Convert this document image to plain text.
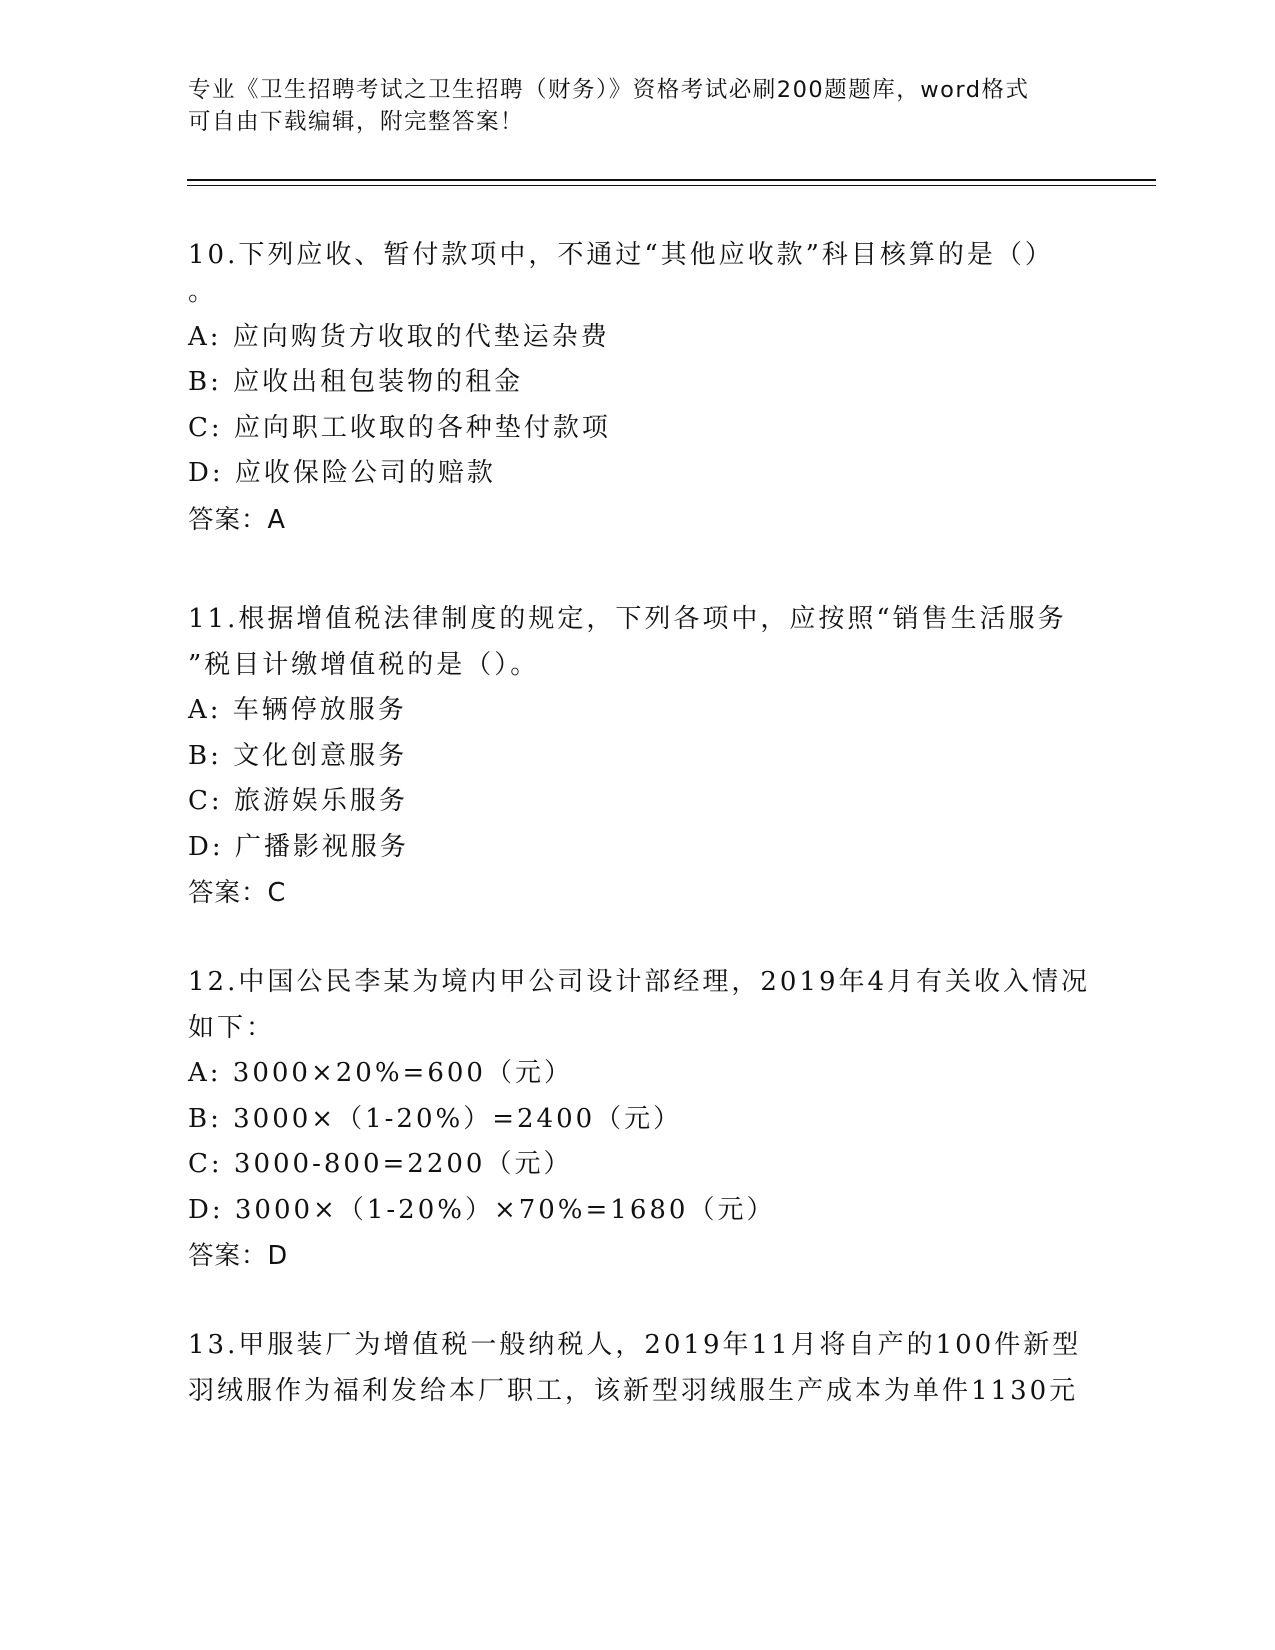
专业《卫生招聘考试之卫生招聘（财务）》资格考试必刷200题题库，word格式
可自由下载编辑，附完整答案！
10.下列应收、暂付款项中，不通过“其他应收款”科目核算的是（）
。
A: 应向购货方收取的代垫运杂费
B: 应收出租包装物的租金
C: 应向职工收取的各种垫付款项
D: 应收保险公司的赔款
答案：A
11.根据增值税法律制度的规定，下列各项中，应按照“销售生活服务
”税目计缴增值税的是（）。
A: 车辆停放服务
B: 文化创意服务
C: 旅游娱乐服务
D: 广播影视服务
答案：C
12.中国公民李某为境内甲公司设计部经理，2019年4月有关收入情况
如下：
A: 3000×20%=600（元）
B: 3000×（1-20%）=2400（元）
C: 3000-800=2200（元）
D: 3000×（1-20%）×70%=1680（元）
答案：D
13.甲服装厂为增值税一般纳税人，2019年11月将自产的100件新型
羽绒服作为福利发给本厂职工，该新型羽绒服生产成本为单件1130元
